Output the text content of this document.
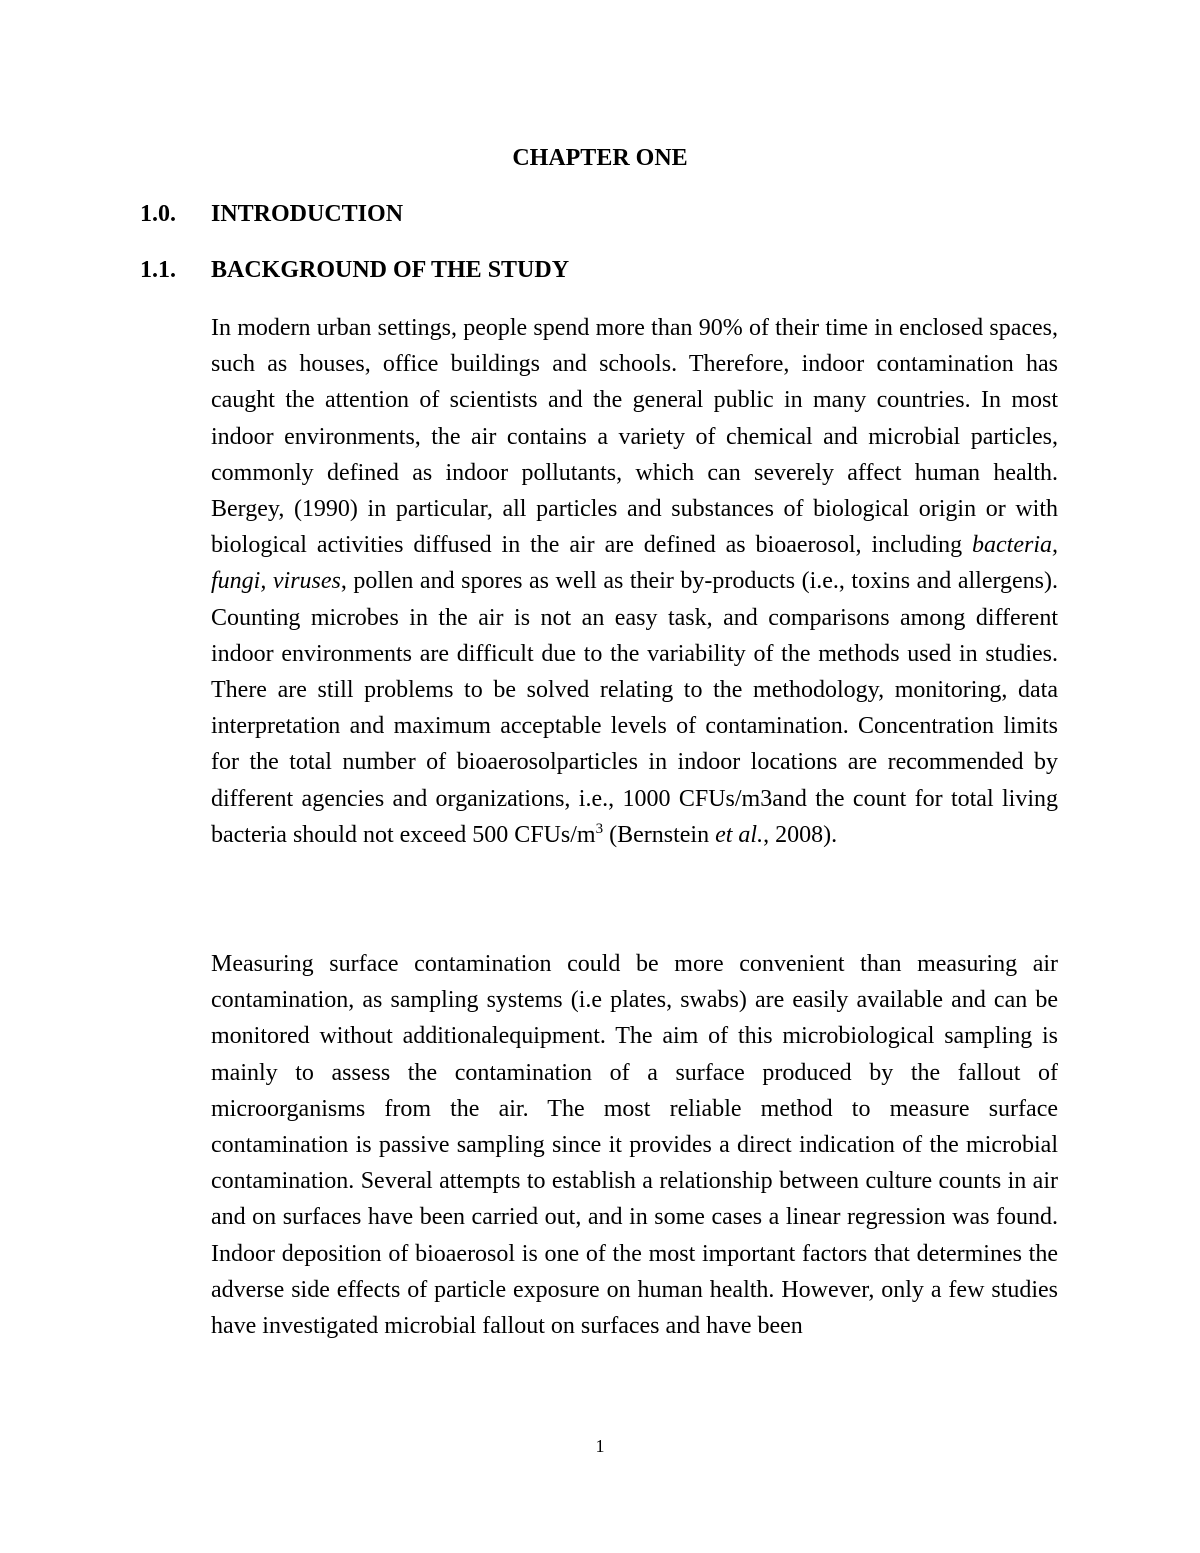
CHAPTER ONE
1.0. INTRODUCTION
1.1. BACKGROUND OF THE STUDY

In modern urban settings, people spend more than 90% of their time in enclosed spaces, such as houses, office buildings and schools. Therefore, indoor contamination has caught the attention of scientists and the general public in many countries. In most indoor environments, the air contains a variety of chemical and microbial particles, commonly defined as indoor pollutants, which can severely affect human health. Bergey, (1990) in particular, all particles and substances of biological origin or with biological activities diffused in the air are defined as bioaerosol, including bacteria, fungi, viruses, pollen and spores as well as their by-products (i.e., toxins and allergens). Counting microbes in the air is not an easy task, and comparisons among different indoor environments are difficult due to the variability of the methods used in studies. There are still problems to be solved relating to the methodology, monitoring, data interpretation and maximum acceptable levels of contamination. Concentration limits for the total number of bioaerosolparticles in indoor locations are recommended by different agencies and organizations, i.e., 1000 CFUs/m3and the count for total living bacteria should not exceed 500 CFUs/$m^3$ (Bernstein et al., 2008).

Measuring surface contamination could be more convenient than measuring air contamination, as sampling systems (i.e plates, swabs) are easily available and can be monitored without additionalequipment. The aim of this microbiological sampling is mainly to assess the contamination of a surface produced by the fallout of microorganisms from the air. The most reliable method to measure surface contamination is passive sampling since it provides a direct indication of the microbial contamination. Several attempts to establish a relationship between culture counts in air and on surfaces have been carried out, and in some cases a linear regression was found. Indoor deposition of bioaerosol is one of the most important factors that determines the adverse side effects of particle exposure on human health. However, only a few studies have investigated microbial fallout on surfaces and have been

1
